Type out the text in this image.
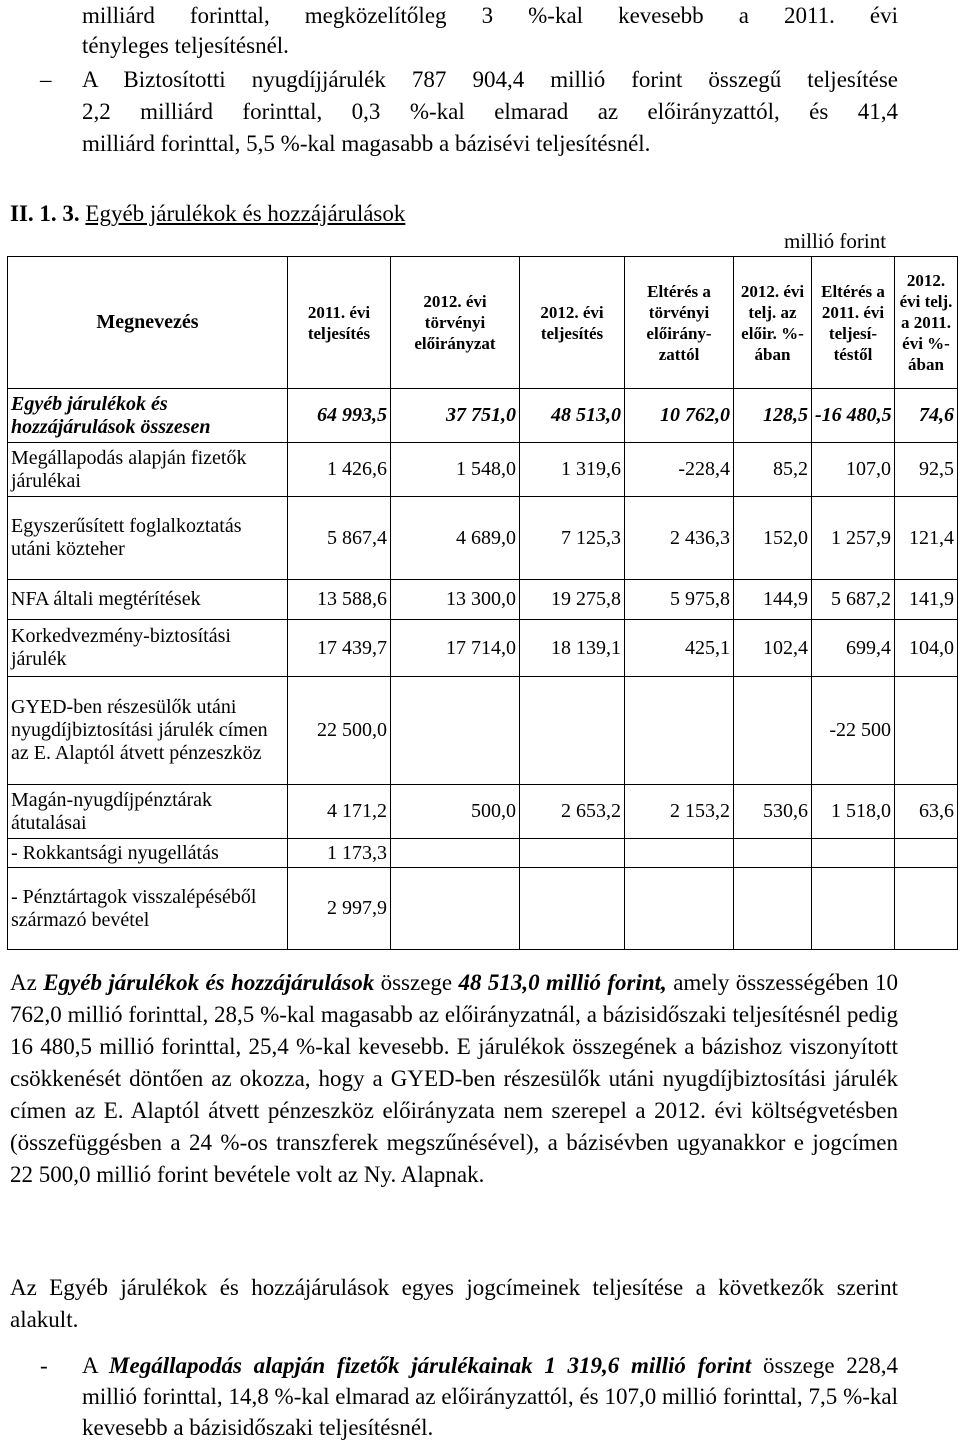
milliárd forinttal, megközelítőleg 3 %-kal kevesebb a 2011. évi
tényleges teljesítésnél.
– A Biztosítotti nyugdíjjárulék 787 904,4 millió forint összegű teljesítése
2,2 milliárd forinttal, 0,3 %-kal elmarad az előirányzattól, és 41,4
milliárd forinttal, 5,5 %-kal magasabb a bázisévi teljesítésnél.
II. 1. 3. Egyéb járulékok és hozzájárulások
millió forint
Megnevezés	2011. évi teljesítés	2012. évi törvényi előirányzat	2012. évi teljesítés	Eltérés a törvényi előirány-zattól	2012. évi telj. az előir. %-ában	Eltérés a 2011. évi teljesí-téstől	2012. évi telj. a 2011. évi %-ában
Egyéb járulékok és hozzájárulások összesen	64 993,5	37 751,0	48 513,0	10 762,0	128,5	-16 480,5	74,6
Megállapodás alapján fizetők járulékai	1 426,6	1 548,0	1 319,6	-228,4	85,2	107,0	92,5
Egyszerűsített foglalkoztatás utáni közteher	5 867,4	4 689,0	7 125,3	2 436,3	152,0	1 257,9	121,4
NFA általi megtérítések	13 588,6	13 300,0	19 275,8	5 975,8	144,9	5 687,2	141,9
Korkedvezmény-biztosítási járulék	17 439,7	17 714,0	18 139,1	425,1	102,4	699,4	104,0
GYED-ben részesülők utáni nyugdíjbiztosítási járulék címen az E. Alaptól átvett pénzeszköz	22 500,0					-22 500	
Magán-nyugdíjpénztárak átutalásai	4 171,2	500,0	2 653,2	2 153,2	530,6	1 518,0	63,6
- Rokkantsági nyugellátás	1 173,3						
- Pénztártagok visszalépéséből származó bevétel	2 997,9						
Az Egyéb járulékok és hozzájárulások összege 48 513,0 millió forint, amely összességében 10 762,0 millió forinttal, 28,5 %-kal magasabb az előirányzatnál, a bázisidőszaki teljesítésnél pedig 16 480,5 millió forinttal, 25,4 %-kal kevesebb. E járulékok összegének a bázishoz viszonyított csökkenését döntően az okozza, hogy a GYED-ben részesülők utáni nyugdíjbiztosítási járulék címen az E. Alaptól átvett pénzeszköz előirányzata nem szerepel a 2012. évi költségvetésben (összefüggésben a 24 %-os transzferek megszűnésével), a bázisévben ugyanakkor e jogcímen 22 500,0 millió forint bevétele volt az Ny. Alapnak.
Az Egyéb járulékok és hozzájárulások egyes jogcímeinek teljesítése a következők szerint alakult.
- A Megállapodás alapján fizetők járulékainak 1 319,6 millió forint összege 228,4 millió forinttal, 14,8 %-kal elmarad az előirányzattól, és 107,0 millió forinttal, 7,5 %-kal kevesebb a bázisidőszaki teljesítésnél.
